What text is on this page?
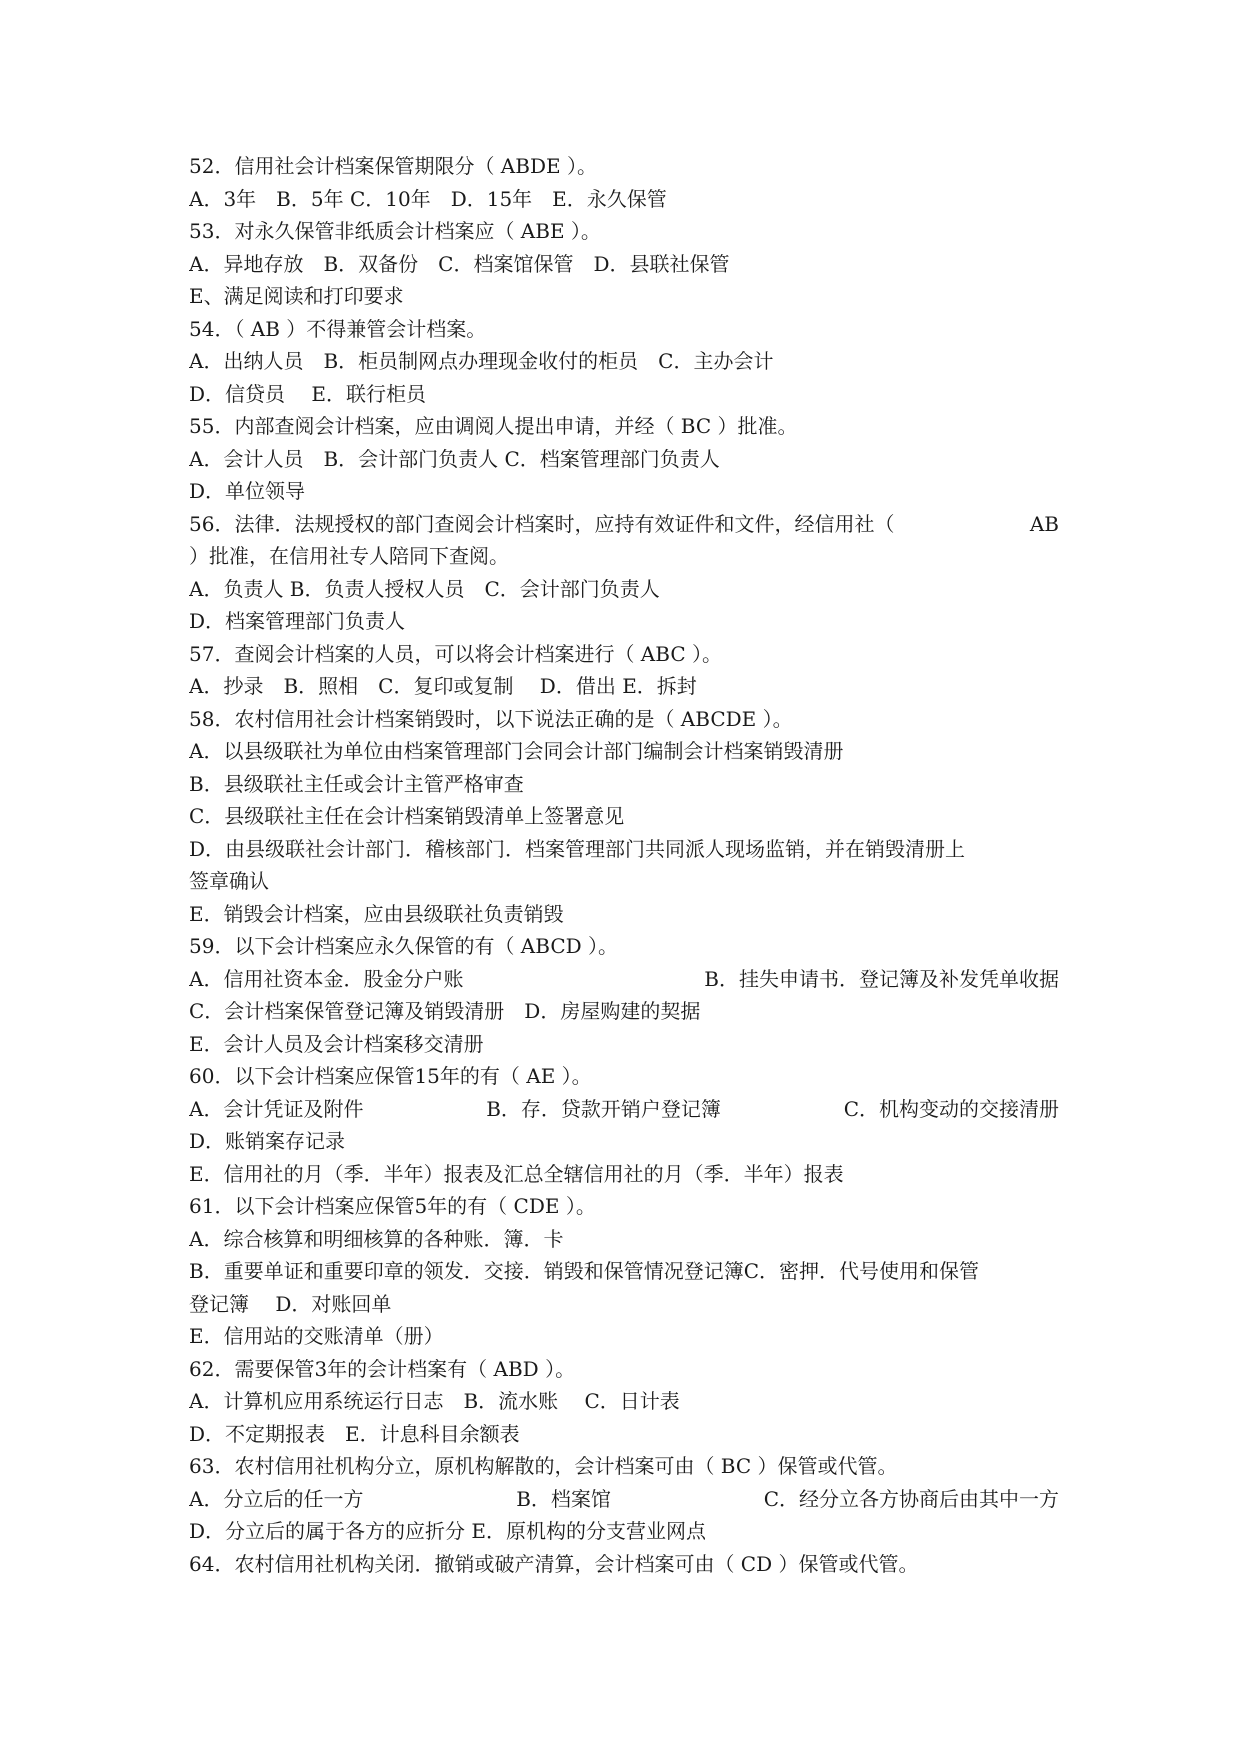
52．信用社会计档案保管期限分（ ABDE ）。
A．3年　B．5年 C．10年　D．15年　E．永久保管
53．对永久保管非纸质会计档案应（ ABE ）。
A．异地存放　B．双备份　C．档案馆保管　D．县联社保管
E、满足阅读和打印要求
54．（ AB ）不得兼管会计档案。
A．出纳人员　B．柜员制网点办理现金收付的柜员　C．主办会计
D．信贷员　 E．联行柜员
55．内部查阅会计档案，应由调阅人提出申请，并经（ BC ）批准。
A．会计人员　B．会计部门负责人 C．档案管理部门负责人
D．单位领导
56．法律．法规授权的部门查阅会计档案时，应持有效证件和文件，经信用社（	AB
）批准，在信用社专人陪同下查阅。
A．负责人 B．负责人授权人员　C．会计部门负责人
D．档案管理部门负责人
57．查阅会计档案的人员，可以将会计档案进行（ ABC ）。
A．抄录　B．照相　C．复印或复制　 D．借出 E．拆封
58．农村信用社会计档案销毁时，以下说法正确的是（ ABCDE ）。
A．以县级联社为单位由档案管理部门会同会计部门编制会计档案销毁清册
B．县级联社主任或会计主管严格审查
C．县级联社主任在会计档案销毁清单上签署意见
D．由县级联社会计部门．稽核部门．档案管理部门共同派人现场监销，并在销毁清册上
签章确认
E．销毁会计档案，应由县级联社负责销毁
59．以下会计档案应永久保管的有（ ABCD ）。
A．信用社资本金．股金分户账	B．挂失申请书．登记簿及补发凭单收据
C．会计档案保管登记簿及销毁清册　D．房屋购建的契据
E．会计人员及会计档案移交清册
60．以下会计档案应保管15年的有（ AE ）。
A．会计凭证及附件	B．存．贷款开销户登记簿	C．机构变动的交接清册
D．账销案存记录
E．信用社的月（季．半年）报表及汇总全辖信用社的月（季．半年）报表
61．以下会计档案应保管5年的有（ CDE ）。
A．综合核算和明细核算的各种账．簿．卡
B．重要单证和重要印章的领发．交接．销毁和保管情况登记簿C．密押．代号使用和保管
登记簿　 D．对账回单
E．信用站的交账清单（册）
62．需要保管3年的会计档案有（ ABD ）。
A．计算机应用系统运行日志　B．流水账　 C．日计表
D．不定期报表　E．计息科目余额表
63．农村信用社机构分立，原机构解散的，会计档案可由（ BC ）保管或代管。
A．分立后的任一方	B．档案馆	C．经分立各方协商后由其中一方
D．分立后的属于各方的应折分 E．原机构的分支营业网点
64．农村信用社机构关闭．撤销或破产清算，会计档案可由（ CD ）保管或代管。
